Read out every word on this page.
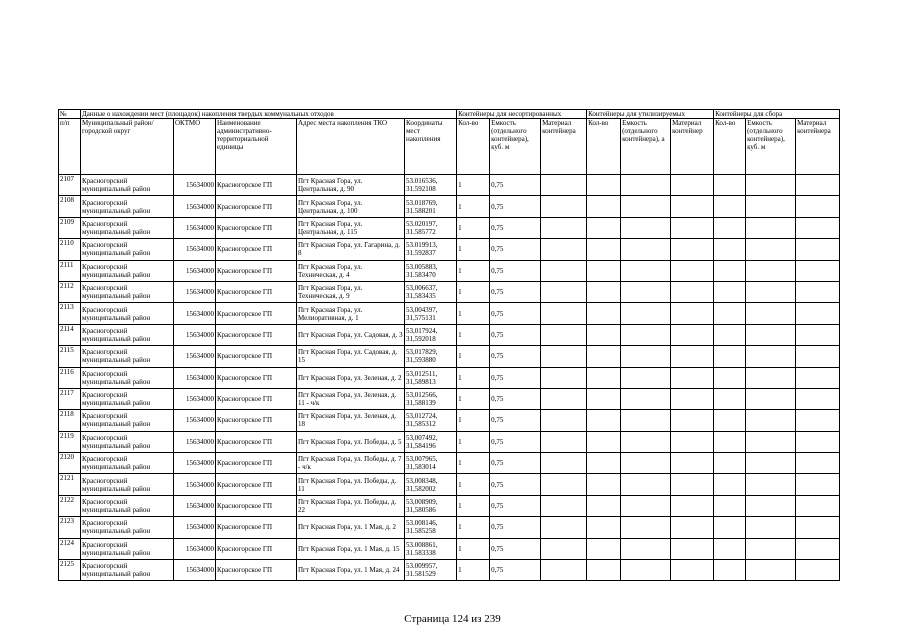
№	Данные о нахождении мест (площадок) накопления твердых коммунальных отходов					Контейнеры для несортированных			Контейнеры для утилизируемых			Контейнеры для сбора		
п/п	Муниципальный район/городской округ	ОКТМО	Наименование административно-территориальной единицы	Адрес места накопления ТКО	Координаты мест накопления	Кол-во	Емкость (отдельного контейнера), куб. м	Материал контейнера	Кол-во	Емкость (отдельного контейнера), а	Материал контейнер	Кол-во	Емкость (отдельного контейнера), куб. м	Материал контейнера
2107	Красногорский муниципальный район	15634000	Красногорское ГП	Пгт Красная Гора, ул. Центральная, д. 90	53.016536, 31.592108	1	0,75							
2108	Красногорский муниципальный район	15634000	Красногорское ГП	Пгт Красная Гора, ул. Центральная, д. 100	53.018769, 31.588201	1	0,75							
2109	Красногорский муниципальный район	15634000	Красногорское ГП	Пгт Красная Гора, ул. Центральная, д. 115	53.020197, 31.585772	1	0,75							
2110	Красногорский муниципальный район	15634000	Красногорское ГП	Пгт Красная Гора, ул. Гагарина, д. 8	53.019913, 31.592837	1	0,75							
2111	Красногорский муниципальный район	15634000	Красногорское ГП	Пгт Красная Гора, ул. Техническая, д. 4	53.005883, 31.583470	1	0,75							
2112	Красногорский муниципальный район	15634000	Красногорское ГП	Пгт Красная Гора, ул. Техническая, д. 9	53,006637, 31,583435	1	0,75							
2113	Красногорский муниципальный район	15634000	Красногорское ГП	Пгт Красная Гора, ул. Мелиоративная, д. 1	53,004397, 31,575131	1	0,75							
2114	Красногорский муниципальный район	15634000	Красногорское ГП	Пгт Красная Гора, ул. Садовая, д. 3	53,017924, 31,592018	1	0,75							
2115	Красногорский муниципальный район	15634000	Красногорское ГП	Пгт Красная Гора, ул. Садовая, д. 15	53,017829, 31,593880	1	0,75							
2116	Красногорский муниципальный район	15634000	Красногорское ГП	Пгт Красная Гора, ул. Зеленая, д. 2	53,012511, 31,589813	1	0,75							
2117	Красногорский муниципальный район	15634000	Красногорское ГП	Пгт Красная Гора, ул. Зеленая, д. 11 - ч/к	53,012566, 31,588139	1	0,75							
2118	Красногорский муниципальный район	15634000	Красногорское ГП	Пгт Красная Гора, ул. Зеленая, д. 18	53,012724, 31,585312	1	0,75							
2119	Красногорский муниципальный район	15634000	Красногорское ГП	Пгт Красная Гора, ул. Победы, д. 5	53,007492, 31,584196	1	0,75							
2120	Красногорский муниципальный район	15634000	Красногорское ГП	Пгт Красная Гора, ул. Победы, д. 7 - ч/к	53,007965, 31,583014	1	0,75							
2121	Красногорский муниципальный район	15634000	Красногорское ГП	Пгт Красная Гора, ул. Победы, д. 11	53,008348, 31,582002	1	0,75							
2122	Красногорский муниципальный район	15634000	Красногорское ГП	Пгт Красная Гора, ул. Победы, д. 22	53,008909, 31,580586	1	0,75							
2123	Красногорский муниципальный район	15634000	Красногорское ГП	Пгт Красная Гора, ул. 1 Мая, д. 2	53.008146, 31.585258	1	0,75							
2124	Красногорский муниципальный район	15634000	Красногорское ГП	Пгт Красная Гора, ул. 1 Мая, д. 15	53.008861, 31.583338	1	0,75							
2125	Красногорский муниципальный район	15634000	Красногорское ГП	Пгт Красная Гора, ул. 1 Мая, д. 24	53.009957, 31.581529	1	0,75							
Страница 124 из 239
